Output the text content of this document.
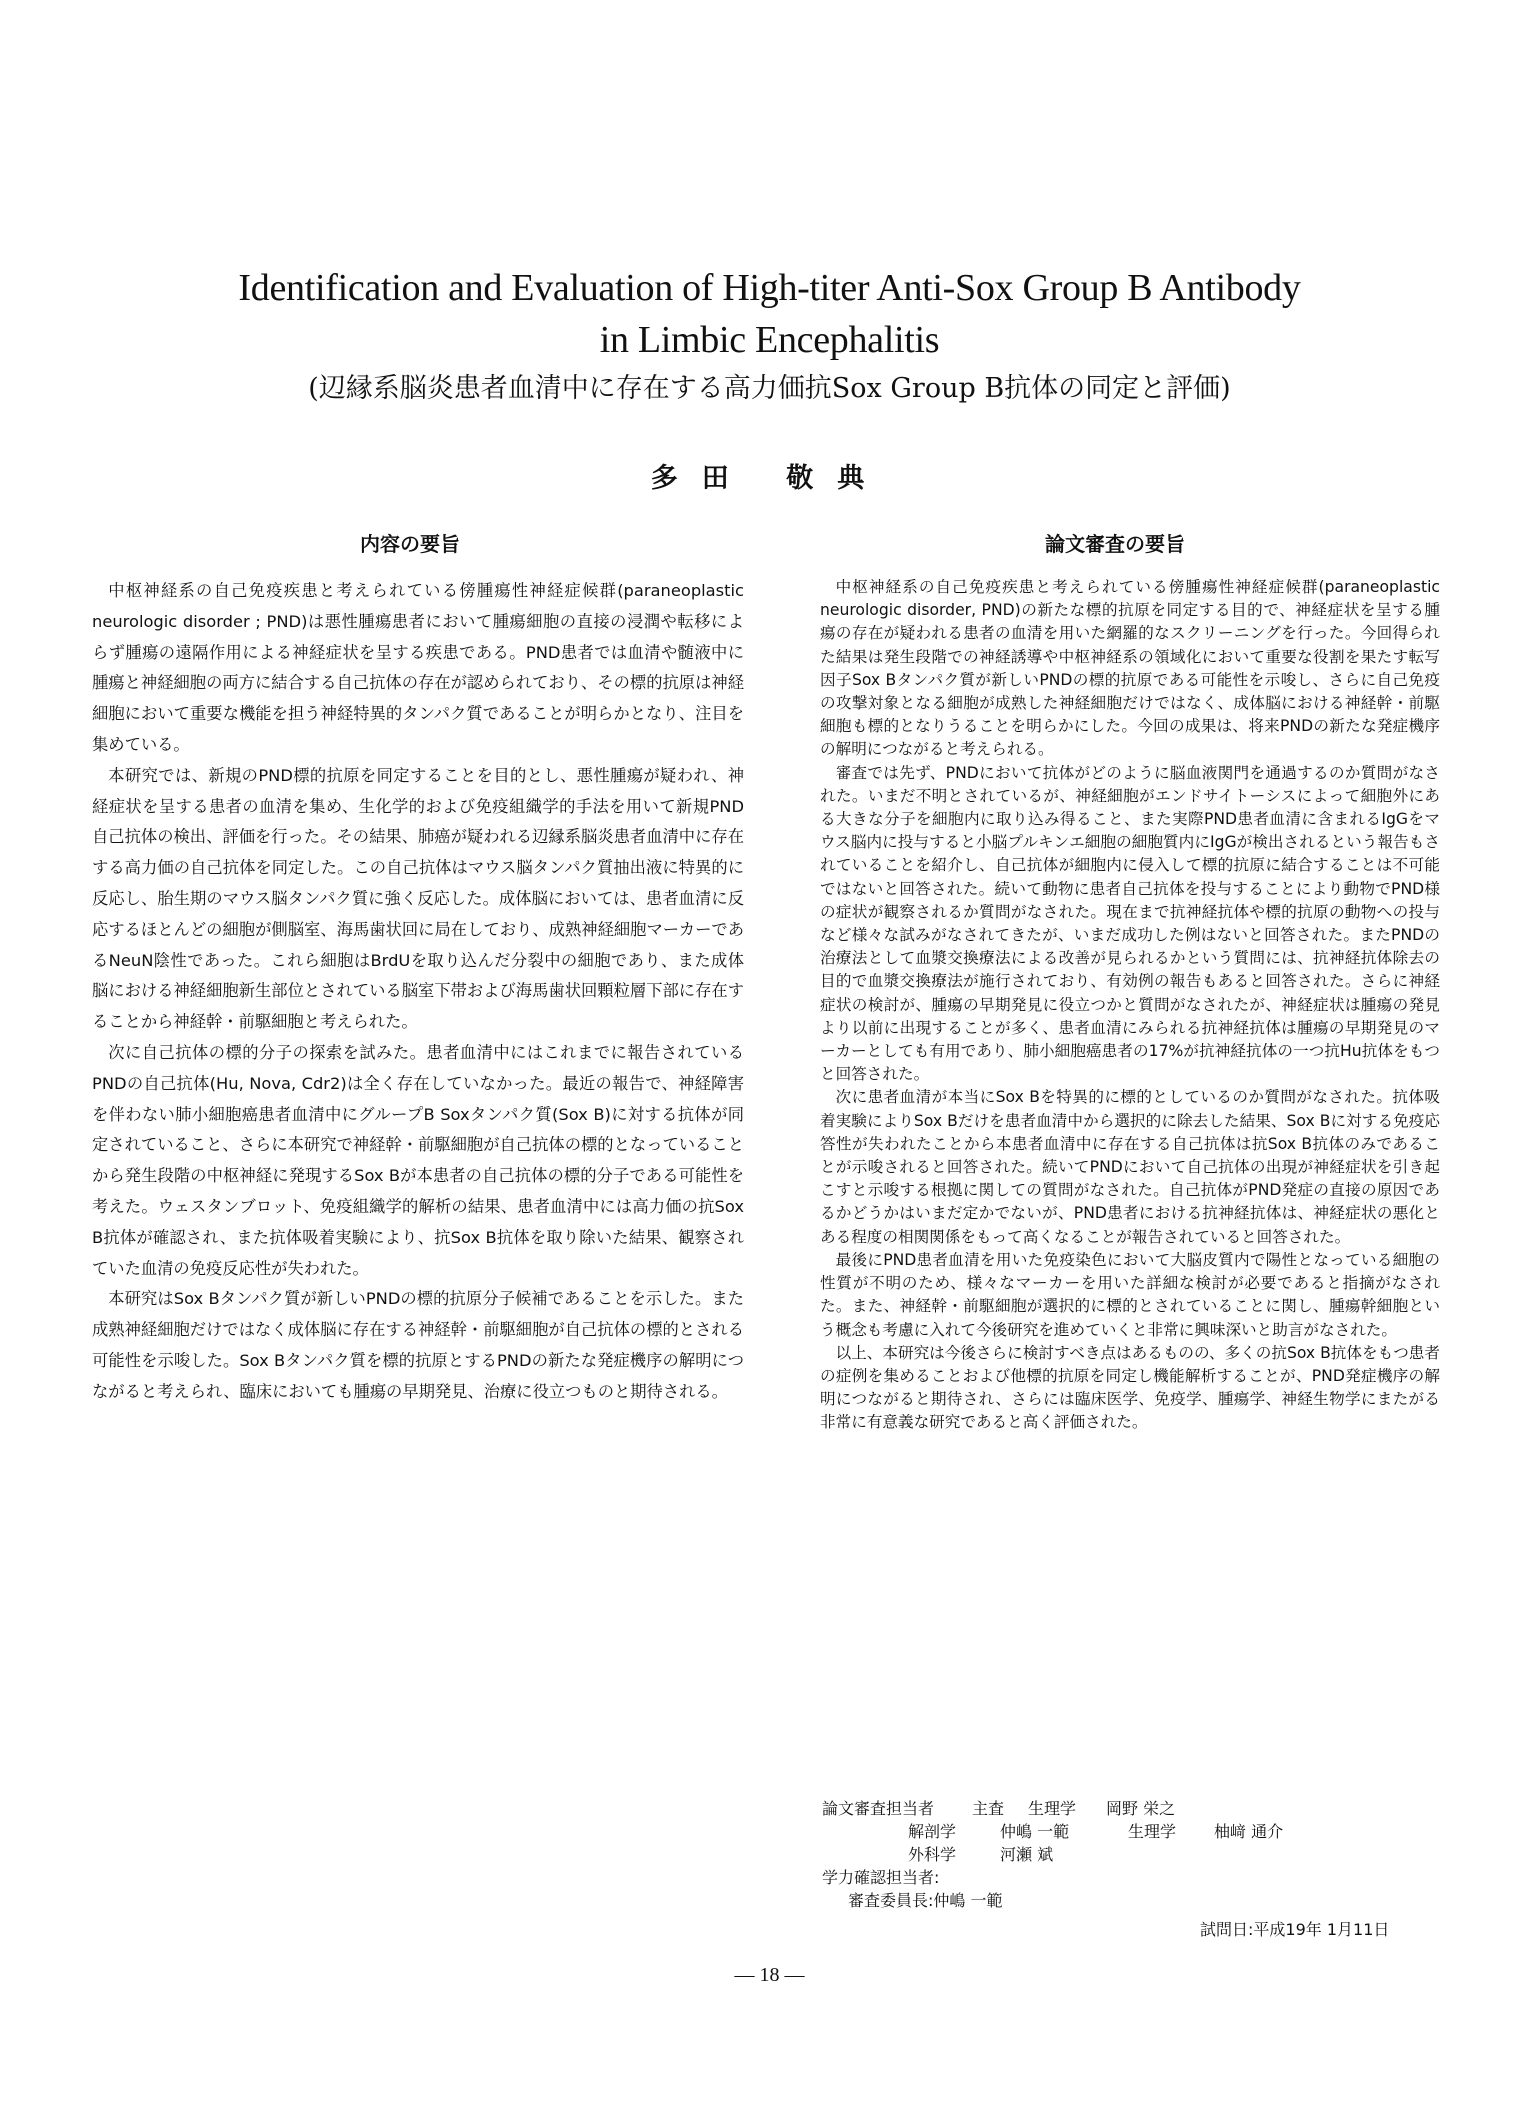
Identification and Evaluation of High-titer Anti-Sox Group B Antibody
in Limbic Encephalitis
(辺縁系脳炎患者血清中に存在する高力価抗Sox Group B抗体の同定と評価)
多田 敬典
内容の要旨	論文審査の要旨

中枢神経系の自己免疫疾患と考えられている傍腫瘍性神経症候群(paraneoplastic neurologic disorder ; PND)は悪性腫瘍患者において腫瘍細胞の直接の浸潤や転移によらず腫瘍の遠隔作用による神経症状を呈する疾患である。PND患者では血清や髄液中に腫瘍と神経細胞の両方に結合する自己抗体の存在が認められており、その標的抗原は神経細胞において重要な機能を担う神経特異的タンパク質であることが明らかとなり、注目を集めている。

本研究では、新規のPND標的抗原を同定することを目的とし、悪性腫瘍が疑われ、神経症状を呈する患者の血清を集め、生化学的および免疫組織学的手法を用いて新規PND自己抗体の検出、評価を行った。その結果、肺癌が疑われる辺縁系脳炎患者血清中に存在する高力価の自己抗体を同定した。この自己抗体はマウス脳タンパク質抽出液に特異的に反応し、胎生期のマウス脳タンパク質に強く反応した。成体脳においては、患者血清に反応するほとんどの細胞が側脳室、海馬歯状回に局在しており、成熟神経細胞マーカーであるNeuN陰性であった。これら細胞はBrdUを取り込んだ分裂中の細胞であり、また成体脳における神経細胞新生部位とされている脳室下帯および海馬歯状回顆粒層下部に存在することから神経幹・前駆細胞と考えられた。

次に自己抗体の標的分子の探索を試みた。患者血清中にはこれまでに報告されているPNDの自己抗体(Hu, Nova, Cdr2)は全く存在していなかった。最近の報告で、神経障害を伴わない肺小細胞癌患者血清中にグループB Soxタンパク質(Sox B)に対する抗体が同定されていること、さらに本研究で神経幹・前駆細胞が自己抗体の標的となっていることから発生段階の中枢神経に発現するSox Bが本患者の自己抗体の標的分子である可能性を考えた。ウェスタンブロット、免疫組織学的解析の結果、患者血清中には高力価の抗Sox B抗体が確認され、また抗体吸着実験により、抗Sox B抗体を取り除いた結果、観察されていた血清の免疫反応性が失われた。

本研究はSox Bタンパク質が新しいPNDの標的抗原分子候補であることを示した。また成熟神経細胞だけではなく成体脳に存在する神経幹・前駆細胞が自己抗体の標的とされる可能性を示唆した。Sox Bタンパク質を標的抗原とするPNDの新たな発症機序の解明につながると考えられ、臨床においても腫瘍の早期発見、治療に役立つものと期待される。

中枢神経系の自己免疫疾患と考えられている傍腫瘍性神経症候群(paraneoplastic neurologic disorder, PND)の新たな標的抗原を同定する目的で、神経症状を呈する腫瘍の存在が疑われる患者の血清を用いた網羅的なスクリーニングを行った。今回得られた結果は発生段階での神経誘導や中枢神経系の領域化において重要な役割を果たす転写因子Sox Bタンパク質が新しいPNDの標的抗原である可能性を示唆し、さらに自己免疫の攻撃対象となる細胞が成熟した神経細胞だけではなく、成体脳における神経幹・前駆細胞も標的となりうることを明らかにした。今回の成果は、将来PNDの新たな発症機序の解明につながると考えられる。

審査では先ず、PNDにおいて抗体がどのように脳血液関門を通過するのか質問がなされた。いまだ不明とされているが、神経細胞がエンドサイトーシスによって細胞外にある大きな分子を細胞内に取り込み得ること、また実際PND患者血清に含まれるIgGをマウス脳内に投与すると小脳プルキンエ細胞の細胞質内にIgGが検出されるという報告もされていることを紹介し、自己抗体が細胞内に侵入して標的抗原に結合することは不可能ではないと回答された。続いて動物に患者自己抗体を投与することにより動物でPND様の症状が観察されるか質問がなされた。現在まで抗神経抗体や標的抗原の動物への投与など様々な試みがなされてきたが、いまだ成功した例はないと回答された。またPNDの治療法として血漿交換療法による改善が見られるかという質問には、抗神経抗体除去の目的で血漿交換療法が施行されており、有効例の報告もあると回答された。さらに神経症状の検討が、腫瘍の早期発見に役立つかと質問がなされたが、神経症状は腫瘍の発見より以前に出現することが多く、患者血清にみられる抗神経抗体は腫瘍の早期発見のマーカーとしても有用であり、肺小細胞癌患者の17%が抗神経抗体の一つ抗Hu抗体をもつと回答された。

次に患者血清が本当にSox Bを特異的に標的としているのか質問がなされた。抗体吸着実験によりSox Bだけを患者血清中から選択的に除去した結果、Sox Bに対する免疫応答性が失われたことから本患者血清中に存在する自己抗体は抗Sox B抗体のみであることが示唆されると回答された。続いてPNDにおいて自己抗体の出現が神経症状を引き起こすと示唆する根拠に関しての質問がなされた。自己抗体がPND発症の直接の原因であるかどうかはいまだ定かでないが、PND患者における抗神経抗体は、神経症状の悪化とある程度の相関関係をもって高くなることが報告されていると回答された。

最後にPND患者血清を用いた免疫染色において大脳皮質内で陽性となっている細胞の性質が不明のため、様々なマーカーを用いた詳細な検討が必要であると指摘がなされた。また、神経幹・前駆細胞が選択的に標的とされていることに関し、腫瘍幹細胞という概念も考慮に入れて今後研究を進めていくと非常に興味深いと助言がなされた。

以上、本研究は今後さらに検討すべき点はあるものの、多くの抗Sox B抗体をもつ患者の症例を集めることおよび他標的抗原を同定し機能解析することが、PND発症機序の解明につながると期待され、さらには臨床医学、免疫学、腫瘍学、神経生物学にまたがる非常に有意義な研究であると高く評価された。

論文審査担当者	主査	生理学	岡野 栄之
解剖学	仲嶋 一範	生理学	柚﨑 通介
外科学	河瀬 斌
学力確認担当者:
審査委員長: 仲嶋 一範
試問日:平成19年 1月11日
— 18 —
